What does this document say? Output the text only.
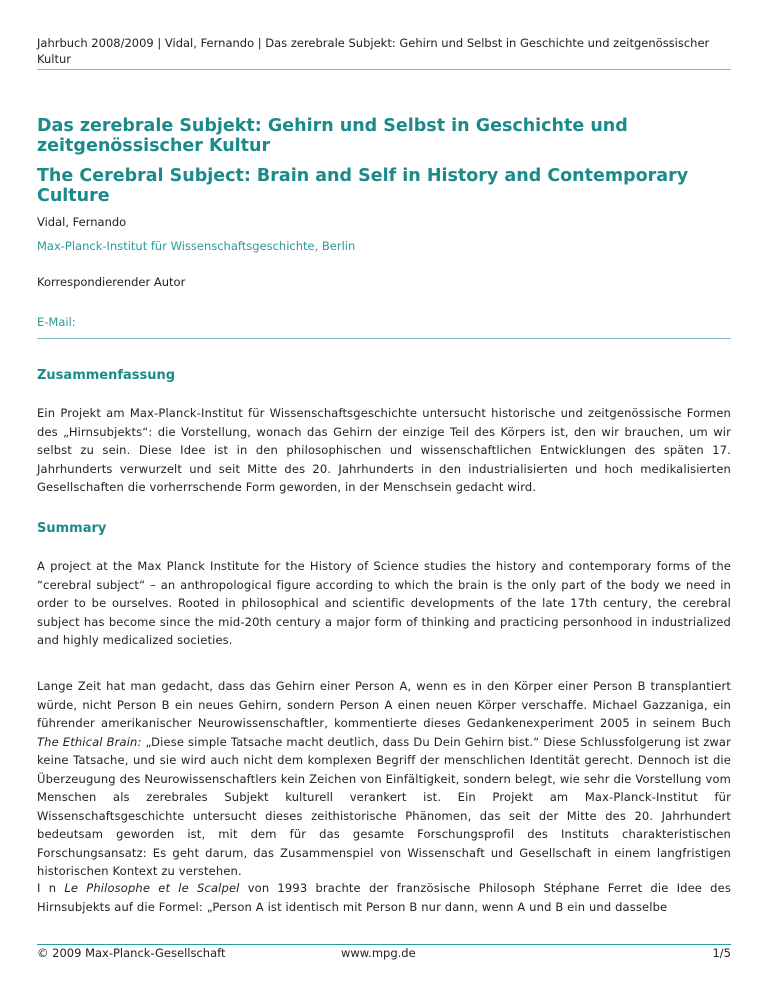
Jahrbuch 2008/2009 | Vidal, Fernando | Das zerebrale Subjekt: Gehirn und Selbst in Geschichte und zeitgenössischer Kultur
Das zerebrale Subjekt: Gehirn und Selbst in Geschichte und zeitgenössischer Kultur
The Cerebral Subject: Brain and Self in History and Contemporary Culture
Vidal, Fernando
Max-Planck-Institut für Wissenschaftsgeschichte, Berlin
Korrespondierender Autor
E-Mail:
Zusammenfassung
Ein Projekt am Max-Planck-Institut für Wissenschaftsgeschichte untersucht historische und zeitgenössische Formen des „Hirnsubjekts“: die Vorstellung, wonach das Gehirn der einzige Teil des Körpers ist, den wir brauchen, um wir selbst zu sein. Diese Idee ist in den philosophischen und wissenschaftlichen Entwicklungen des späten 17. Jahrhunderts verwurzelt und seit Mitte des 20. Jahrhunderts in den industrialisierten und hoch medikalisierten Gesellschaften die vorherrschende Form geworden, in der Menschsein gedacht wird.
Summary
A project at the Max Planck Institute for the History of Science studies the history and contemporary forms of the “cerebral subject“ – an anthropological figure according to which the brain is the only part of the body we need in order to be ourselves. Rooted in philosophical and scientific developments of the late 17th century, the cerebral subject has become since the mid-20th century a major form of thinking and practicing personhood in industrialized and highly medicalized societies.
Lange Zeit hat man gedacht, dass das Gehirn einer Person A, wenn es in den Körper einer Person B transplantiert würde, nicht Person B ein neues Gehirn, sondern Person A einen neuen Körper verschaffe. Michael Gazzaniga, ein führender amerikanischer Neurowissenschaftler, kommentierte dieses Gedankenexperiment 2005 in seinem Buch The Ethical Brain: „Diese simple Tatsache macht deutlich, dass Du Dein Gehirn bist.“ Diese Schlussfolgerung ist zwar keine Tatsache, und sie wird auch nicht dem komplexen Begriff der menschlichen Identität gerecht. Dennoch ist die Überzeugung des Neurowissenschaftlers kein Zeichen von Einfältigkeit, sondern belegt, wie sehr die Vorstellung vom Menschen als zerebrales Subjekt kulturell verankert ist. Ein Projekt am Max-Planck-Institut für Wissenschaftsgeschichte untersucht dieses zeithistorische Phänomen, das seit der Mitte des 20. Jahrhundert bedeutsam geworden ist, mit dem für das gesamte Forschungsprofil des Instituts charakteristischen Forschungsansatz: Es geht darum, das Zusammenspiel von Wissenschaft und Gesellschaft in einem langfristigen historischen Kontext zu verstehen.
I n Le Philosophe et le Scalpel von 1993 brachte der französische Philosoph Stéphane Ferret die Idee des Hirnsubjekts auf die Formel: „Person A ist identisch mit Person B nur dann, wenn A und B ein und dasselbe
© 2009 Max-Planck-Gesellschaft	www.mpg.de	1/5
